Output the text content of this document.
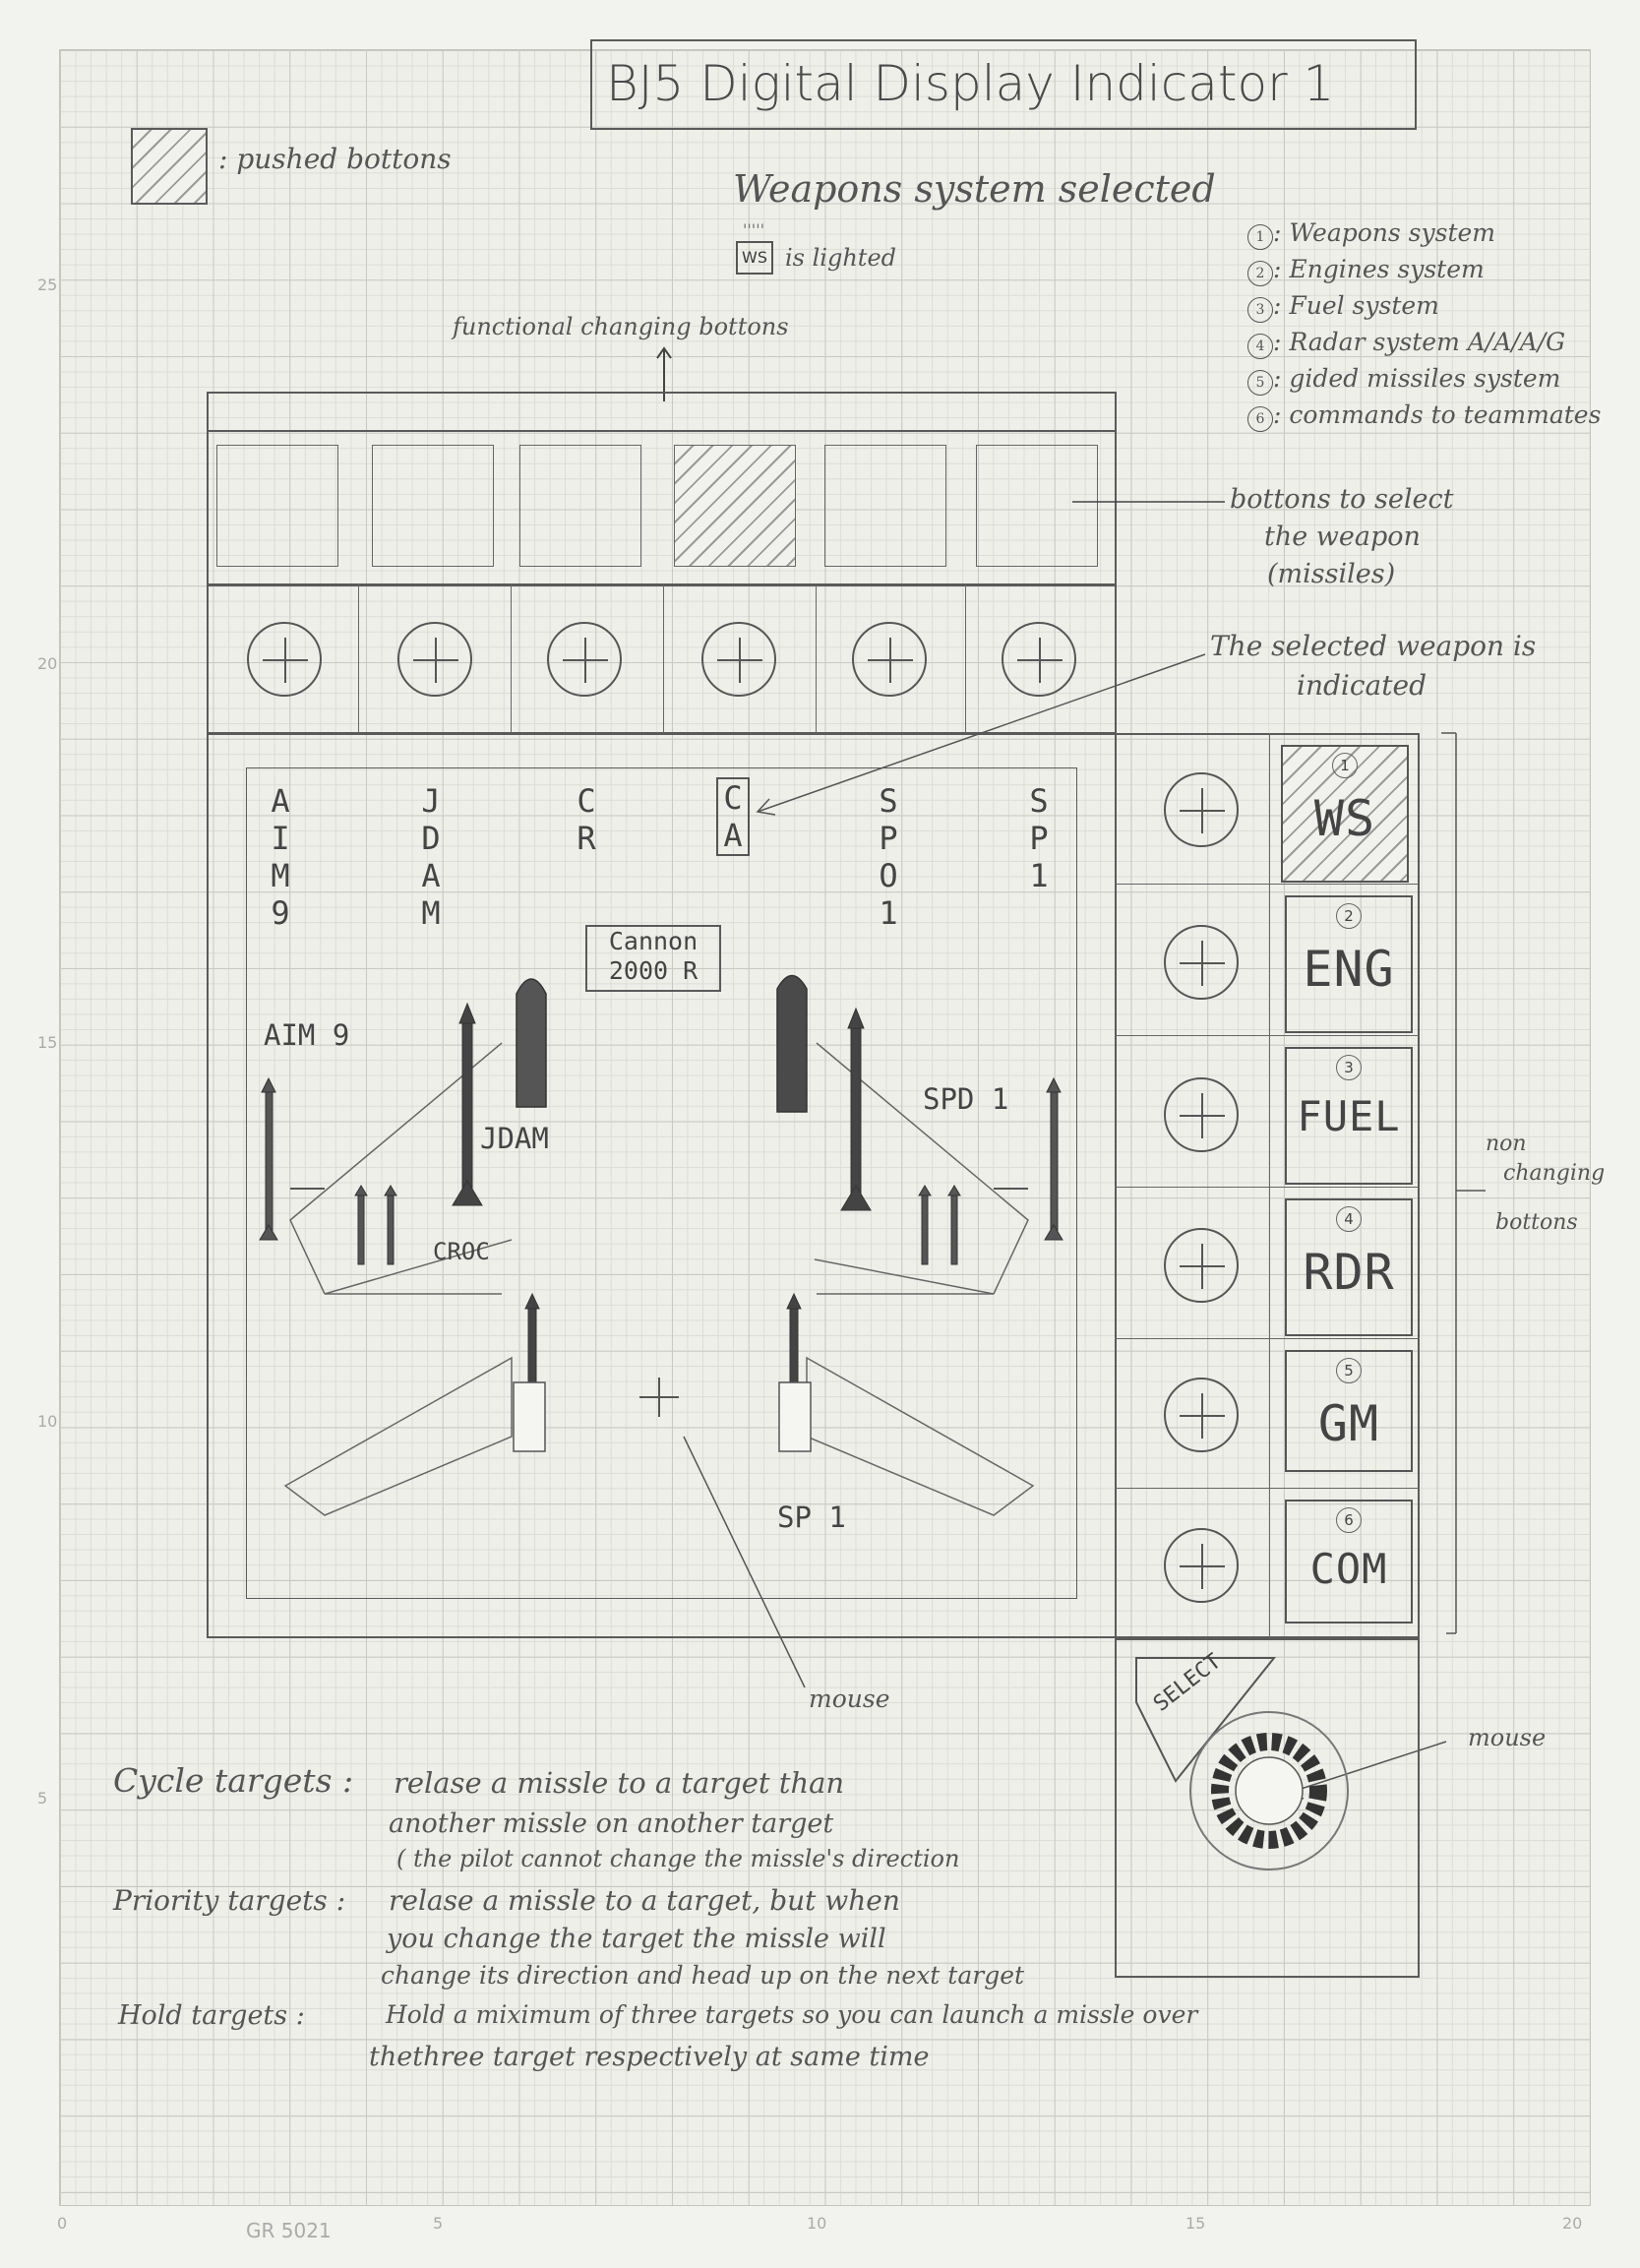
25
20
15
10
5
0	5	10	15	20
GR 5021
BJ5 Digital Display Indicator 1
: pushed bottons
Weapons system selected
WS
'''''
is lighted
1 : Weapons system
2 : Engines system
3 : Fuel system
4 : Radar system A/A/A/G
5 : gided missiles system
6 : commands to teammates
functional changing bottons
bottons to select
the weapon
(missiles)
The selected weapon is
indicated
AIM9
JDAM
CR
CA
SPO1
SP1
Cannon
2000 R
AIM 9
JDAM
CROC
SPD 1
SP 1
mouse
1
WS
2
ENG
3
FUEL
4
RDR
5
GM
6
COM
non
changing
bottons
SELECT
mouse
Cycle targets : relase a missle to a target than
another missle on another target
( the pilot cannot change the missle's direction
Priority targets : relase a missle to a target, but when
you change the target the missle will
change its direction and head up on the next target
Hold targets :	Hold a miximum of three targets so you can launch a missle over
thethree target respectively at same time
